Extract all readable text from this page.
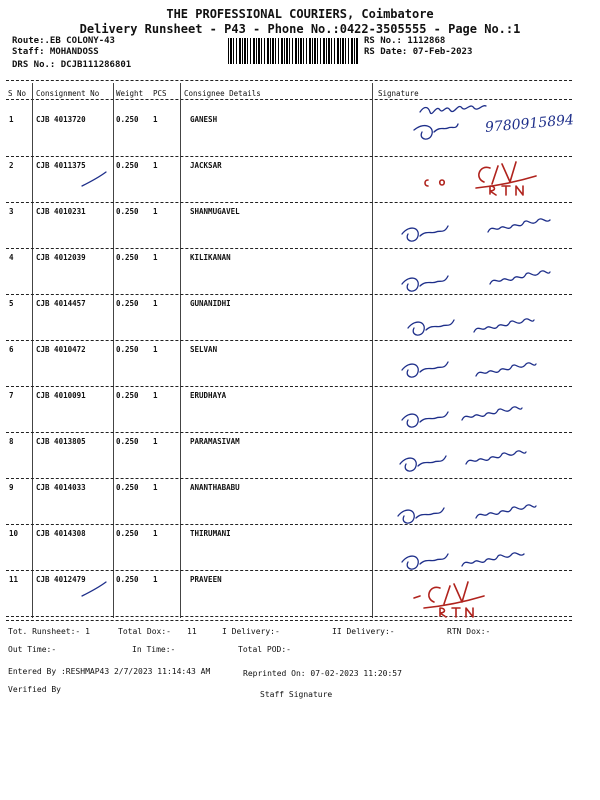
THE PROFESSIONAL COURIERS, Coimbatore
Delivery Runsheet - P43 - Phone No.:0422-3505555 - Page No.:1
Route:.EB COLONY-43
Staff: MOHANDOSS
DRS No.: DCJB111286801
RS No.: 1112868
RS Date: 07-Feb-2023
S No Consignment No Weight PCS Consignee Details	Signature
1	CJB 4013720	0.250 1	GANESH
2	CJB 4011375	0.250 1	JACKSAR
3	CJB 4010231	0.250 1	SHANMUGAVEL
4	CJB 4012039	0.250 1	KILIKANAN
5	CJB 4014457	0.250 1	GUNANIDHI
6	CJB 4010472	0.250 1	SELVAN
7	CJB 4010091	0.250 1	ERUDHAYA
8	CJB 4013805	0.250 1	PARAMASIVAM
9	CJB 4014033	0.250 1	ANANTHABABU
10 CJB 4014308	0.250 1	THIRUMANI
11 CJB 4012479	0.250 1	PRAVEEN
9780915894
Tot. Runsheet:- 1	Total Dox:- 11	I Delivery:-	II Delivery:-	RTN Dox:-
Out Time:-	In Time:-	Total POD:-
Entered By :RESHMAP43 2/7/2023 11:14:43 AM	Reprinted On: 07-02-2023 11:20:57
Verified By
Staff Signature
